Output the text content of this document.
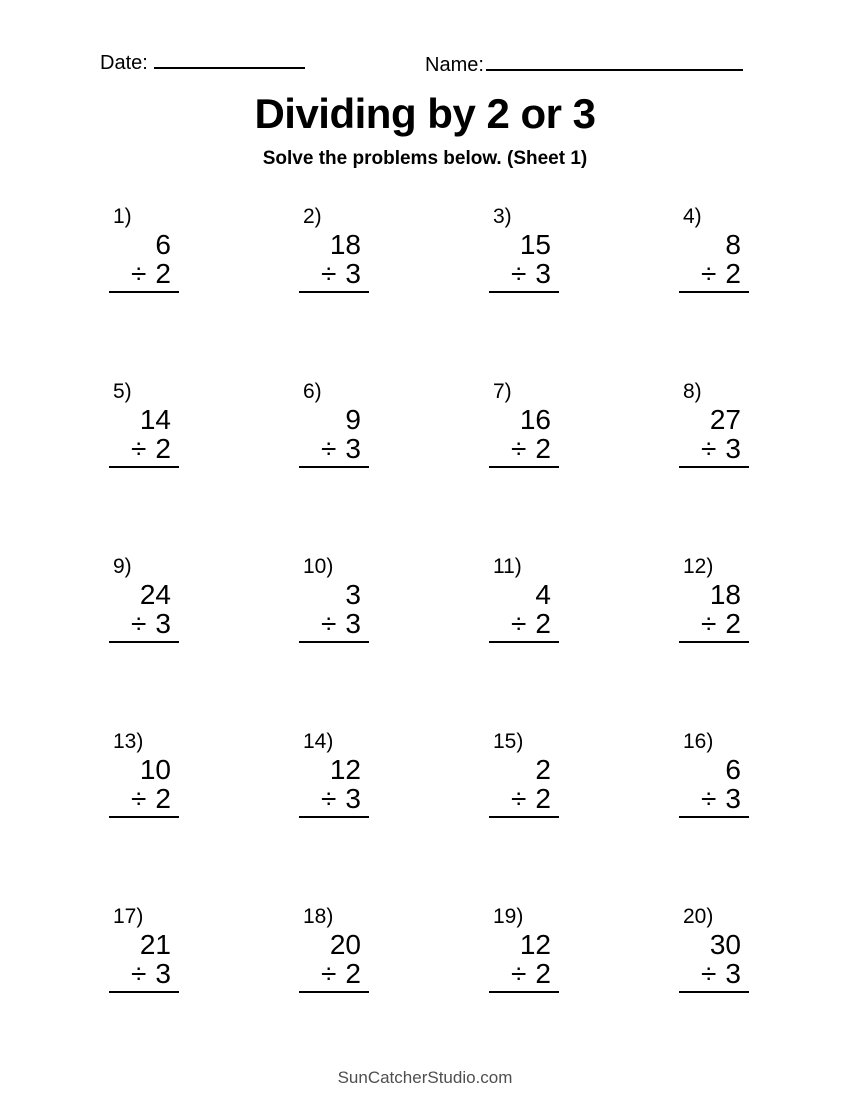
Date:	Name:
Dividing by 2 or 3
Solve the problems below. (Sheet 1)
1)
6
÷ 2
2)
18
÷ 3
3)
15
÷ 3
4)
8
÷ 2
5)
14
÷ 2
6)
9
÷ 3
7)
16
÷ 2
8)
27
÷ 3
9)
24
÷ 3
10)
3
÷ 3
11)
4
÷ 2
12)
18
÷ 2
13)
10
÷ 2
14)
12
÷ 3
15)
2
÷ 2
16)
6
÷ 3
17)
21
÷ 3
18)
20
÷ 2
19)
12
÷ 2
20)
30
÷ 3
SunCatcherStudio.com
